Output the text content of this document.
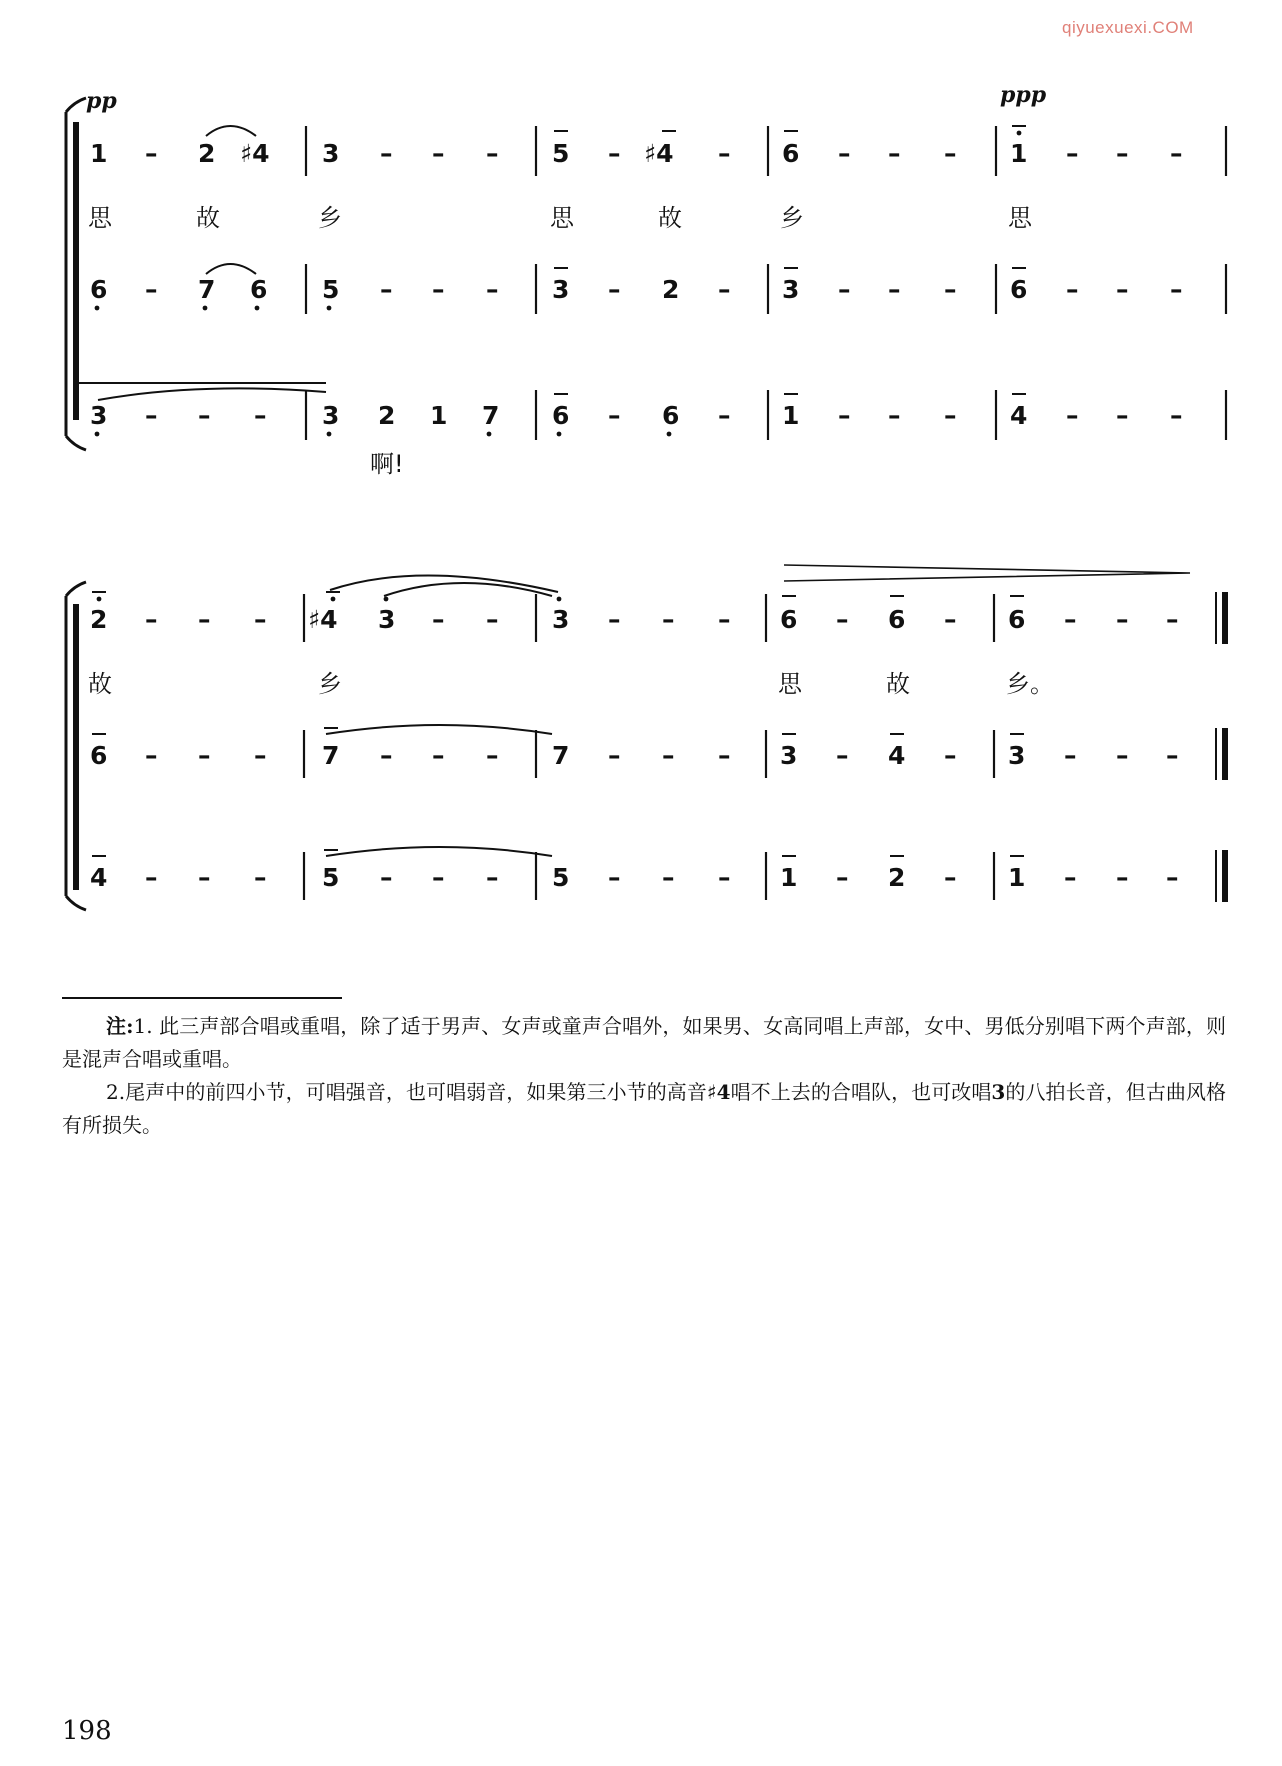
qiyuexuexi.COM
pp	ppp
1 – 2 ♯4 3 – – – 5 – ♯4 – 6 – – – 1 – – –
思	故	乡	思	故	乡	思
6 – 7 6 5 – – – 3 – 2 – 3 – – – 6 – – –
3 – – – 3 2 1 7 6 – 6 – 1 – – – 4 – – –
啊!
2 – – – ♯4 3 – – 3 – – – 6 – 6 – 6 – – –
故	乡	思	故	乡。
6 – – – 7 – – – 7 – – – 3 – 4 – 3 – – –
4 – – – 5 – – – 5 – – – 1 – 2 – 1 – – –

注:1. 此三声部合唱或重唱，除了适于男声、女声或童声合唱外，如果男、女高同唱上声部，女中、男低分别唱下两个声部，则是混声合唱或重唱。

2.尾声中的前四小节，可唱强音，也可唱弱音，如果第三小节的高音♯4唱不上去的合唱队，也可改唱3的八拍长音，但古曲风格有所损失。

198
